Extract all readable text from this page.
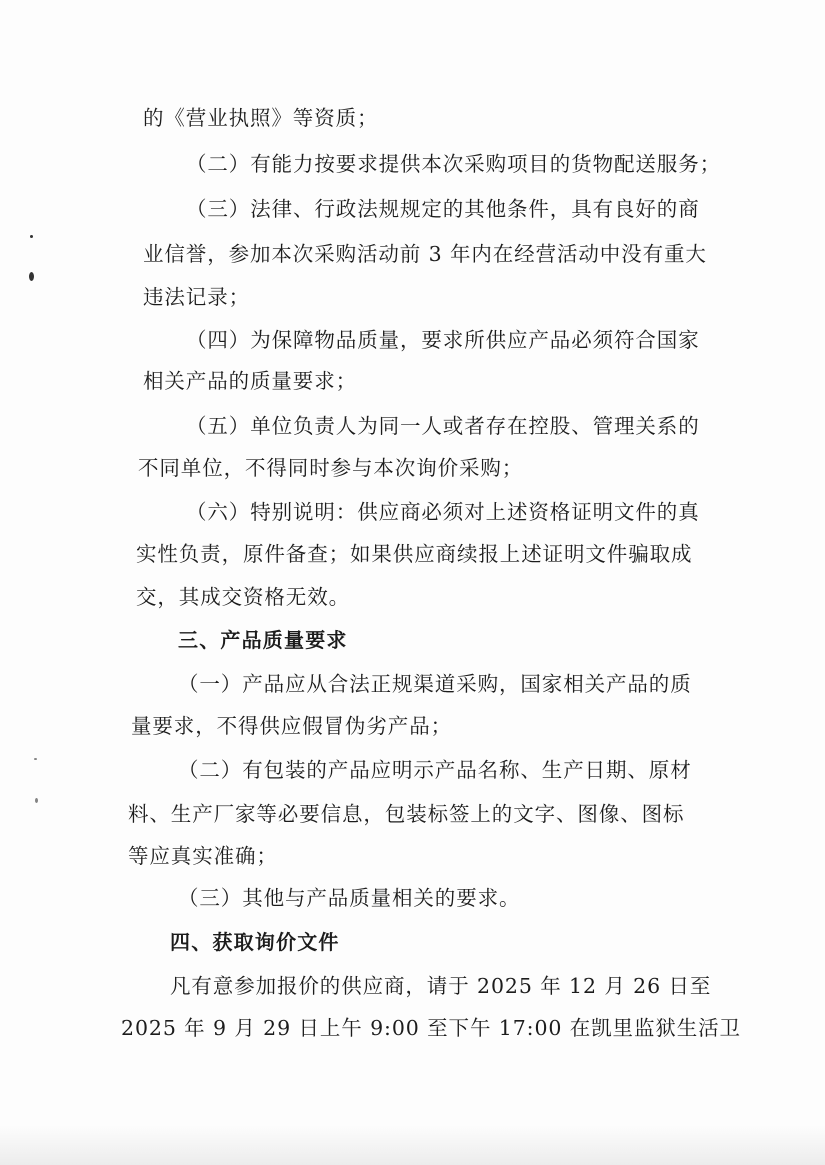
的《营业执照》等资质；
（二）有能力按要求提供本次采购项目的货物配送服务；
（三）法律、行政法规规定的其他条件，具有良好的商
业信誉，参加本次采购活动前 3 年内在经营活动中没有重大
违法记录；
（四）为保障物品质量，要求所供应产品必须符合国家
相关产品的质量要求；
（五）单位负责人为同一人或者存在控股、管理关系的
不同单位，不得同时参与本次询价采购；
（六）特别说明：供应商必须对上述资格证明文件的真
实性负责，原件备查；如果供应商续报上述证明文件骗取成
交，其成交资格无效。
三、产品质量要求
（一）产品应从合法正规渠道采购，国家相关产品的质
量要求，不得供应假冒伪劣产品；
（二）有包装的产品应明示产品名称、生产日期、原材
料、生产厂家等必要信息，包装标签上的文字、图像、图标
等应真实准确；
（三）其他与产品质量相关的要求。
四、获取询价文件
凡有意参加报价的供应商，请于 2025 年 12 月 26 日至
2025 年 9 月 29 日上午 9:00 至下午 17:00 在凯里监狱生活卫
